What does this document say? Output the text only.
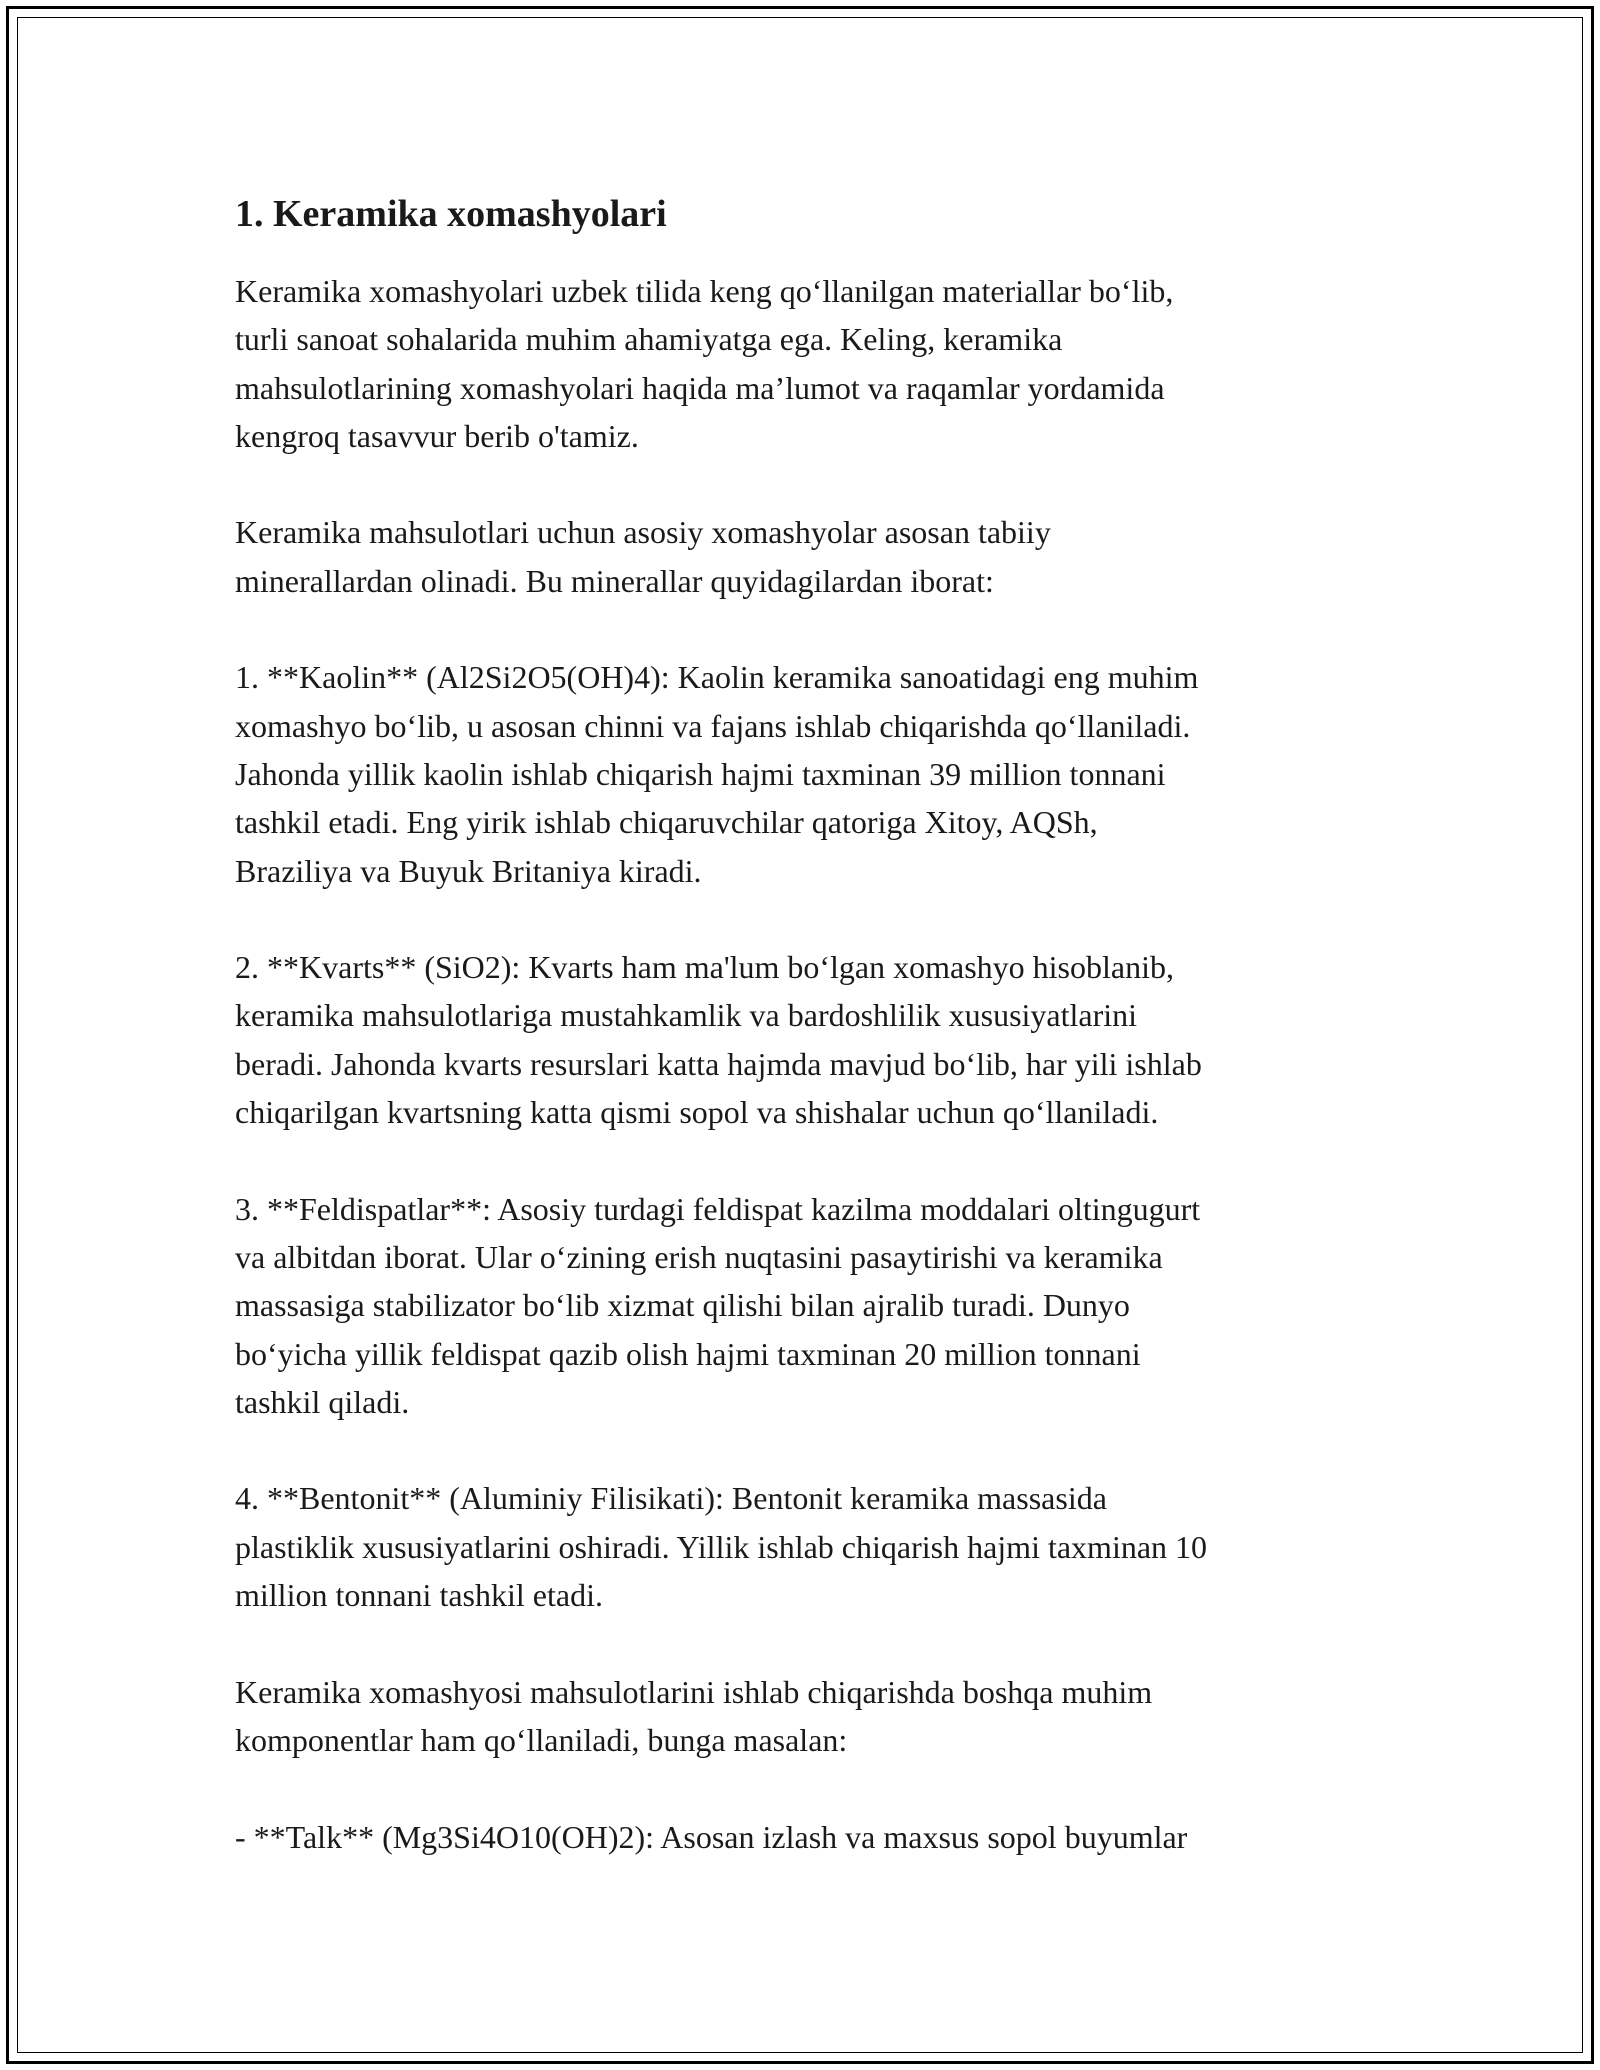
1. Keramika xomashyolari

Keramika xomashyolari uzbek tilida keng qo‘llanilgan materiallar bo‘lib,
turli sanoat sohalarida muhim ahamiyatga ega. Keling, keramika
mahsulotlarining xomashyolari haqida ma’lumot va raqamlar yordamida
kengroq tasavvur berib o'tamiz.

Keramika mahsulotlari uchun asosiy xomashyolar asosan tabiiy
minerallardan olinadi. Bu minerallar quyidagilardan iborat:

1. **Kaolin** (Al2Si2O5(OH)4): Kaolin keramika sanoatidagi eng muhim
xomashyo bo‘lib, u asosan chinni va fajans ishlab chiqarishda qo‘llaniladi.
Jahonda yillik kaolin ishlab chiqarish hajmi taxminan 39 million tonnani
tashkil etadi. Eng yirik ishlab chiqaruvchilar qatoriga Xitoy, AQSh,
Braziliya va Buyuk Britaniya kiradi.

2. **Kvarts** (SiO2): Kvarts ham ma'lum bo‘lgan xomashyo hisoblanib,
keramika mahsulotlariga mustahkamlik va bardoshlilik xususiyatlarini
beradi. Jahonda kvarts resurslari katta hajmda mavjud bo‘lib, har yili ishlab
chiqarilgan kvartsning katta qismi sopol va shishalar uchun qo‘llaniladi.

3. **Feldispatlar**: Asosiy turdagi feldispat kazilma moddalari oltingugurt
va albitdan iborat. Ular o‘zining erish nuqtasini pasaytirishi va keramika
massasiga stabilizator bo‘lib xizmat qilishi bilan ajralib turadi. Dunyo
bo‘yicha yillik feldispat qazib olish hajmi taxminan 20 million tonnani
tashkil qiladi.

4. **Bentonit** (Aluminiy Filisikati): Bentonit keramika massasida
plastiklik xususiyatlarini oshiradi. Yillik ishlab chiqarish hajmi taxminan 10
million tonnani tashkil etadi.

Keramika xomashyosi mahsulotlarini ishlab chiqarishda boshqa muhim
komponentlar ham qo‘llaniladi, bunga masalan:

- **Talk** (Mg3Si4O10(OH)2): Asosan izlash va maxsus sopol buyumlar
